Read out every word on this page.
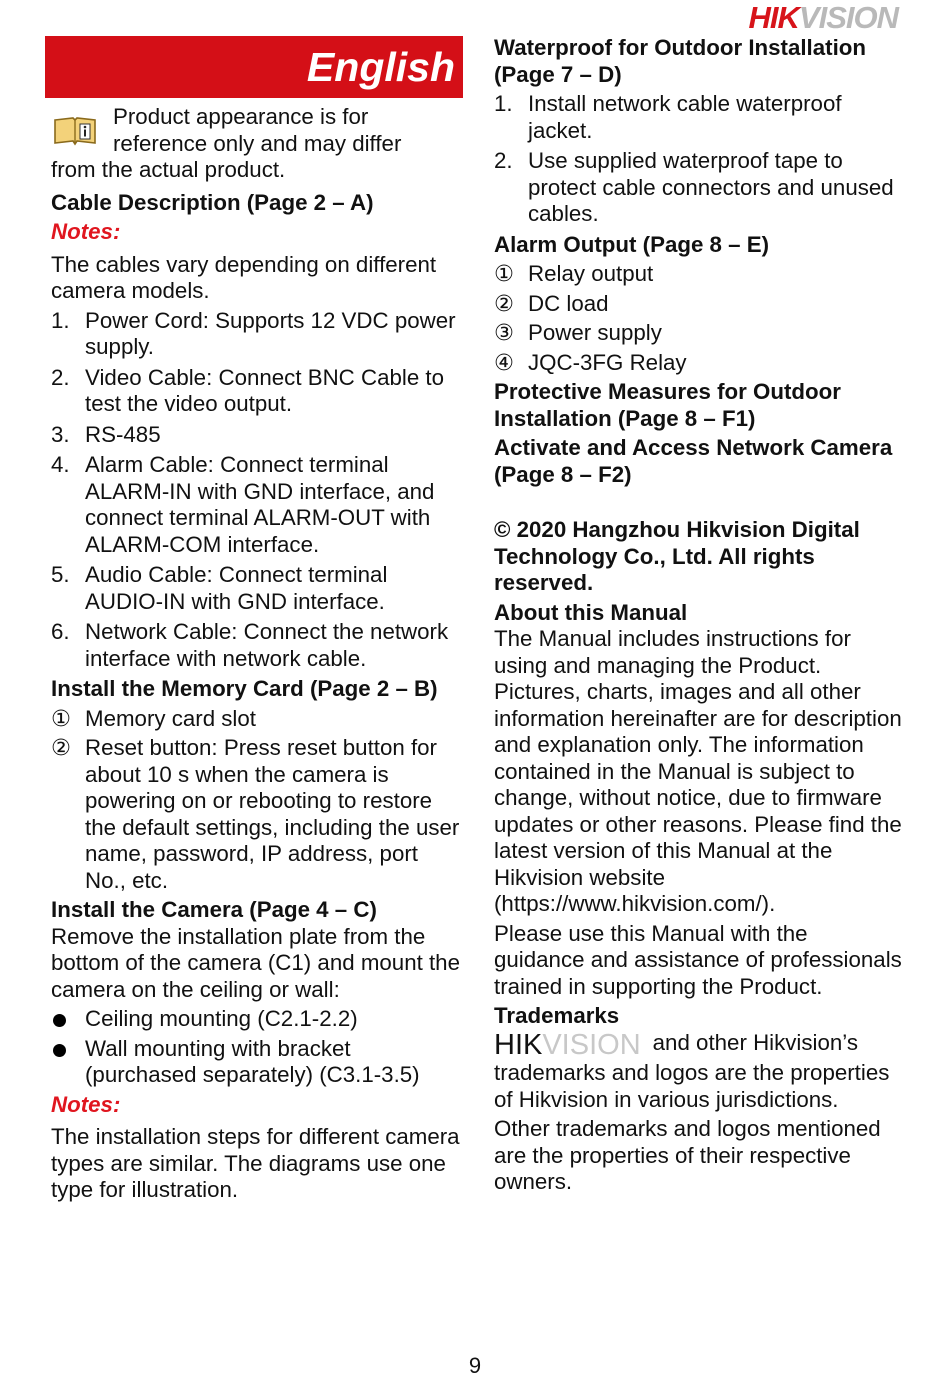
HIKVISION
English

Product appearance is for

reference only and may differ

from the actual product.

Cable Description (Page 2 – A)

Notes:

The cables vary depending on different camera models.

1. Power Cord: Supports 12 VDC power supply.
2. Video Cable: Connect BNC Cable to test the video output.
3. RS-485
4. Alarm Cable: Connect terminal ALARM-IN with GND interface, and connect terminal ALARM-OUT with ALARM-COM interface.
5. Audio Cable: Connect terminal AUDIO-IN with GND interface.
6. Network Cable: Connect the network interface with network cable.

Install the Memory Card (Page 2 – B)

① Memory card slot
② Reset button: Press reset button for about 10 s when the camera is powering on or rebooting to restore the default settings, including the user name, password, IP address, port No., etc.

Install the Camera (Page 4 – C)

Remove the installation plate from the bottom of the camera (C1) and mount the camera on the ceiling or wall:

Ceiling mounting (C2.1-2.2)
Wall mounting with bracket (purchased separately) (C3.1-3.5)

Notes:

The installation steps for different camera types are similar. The diagrams use one type for illustration.

Waterproof for Outdoor Installation (Page 7 – D)

1. Install network cable waterproof jacket.
2. Use supplied waterproof tape to protect cable connectors and unused cables.

Alarm Output (Page 8 – E)

① Relay output
② DC load
③ Power supply
④ JQC-3FG Relay

Protective Measures for Outdoor Installation (Page 8 – F1)

Activate and Access Network Camera (Page 8 – F2)

© 2020 Hangzhou Hikvision Digital Technology Co., Ltd. All rights reserved.

About this Manual

The Manual includes instructions for using and managing the Product. Pictures, charts, images and all other information hereinafter are for description and explanation only. The information contained in the Manual is subject to change, without notice, due to firmware updates or other reasons. Please find the latest version of this Manual at the Hikvision website (https://www.hikvision.com/).

Please use this Manual with the guidance and assistance of professionals trained in supporting the Product.

Trademarks

HIKVISION and other Hikvision’s trademarks and logos are the properties of Hikvision in various jurisdictions.

Other trademarks and logos mentioned are the properties of their respective owners.

9
